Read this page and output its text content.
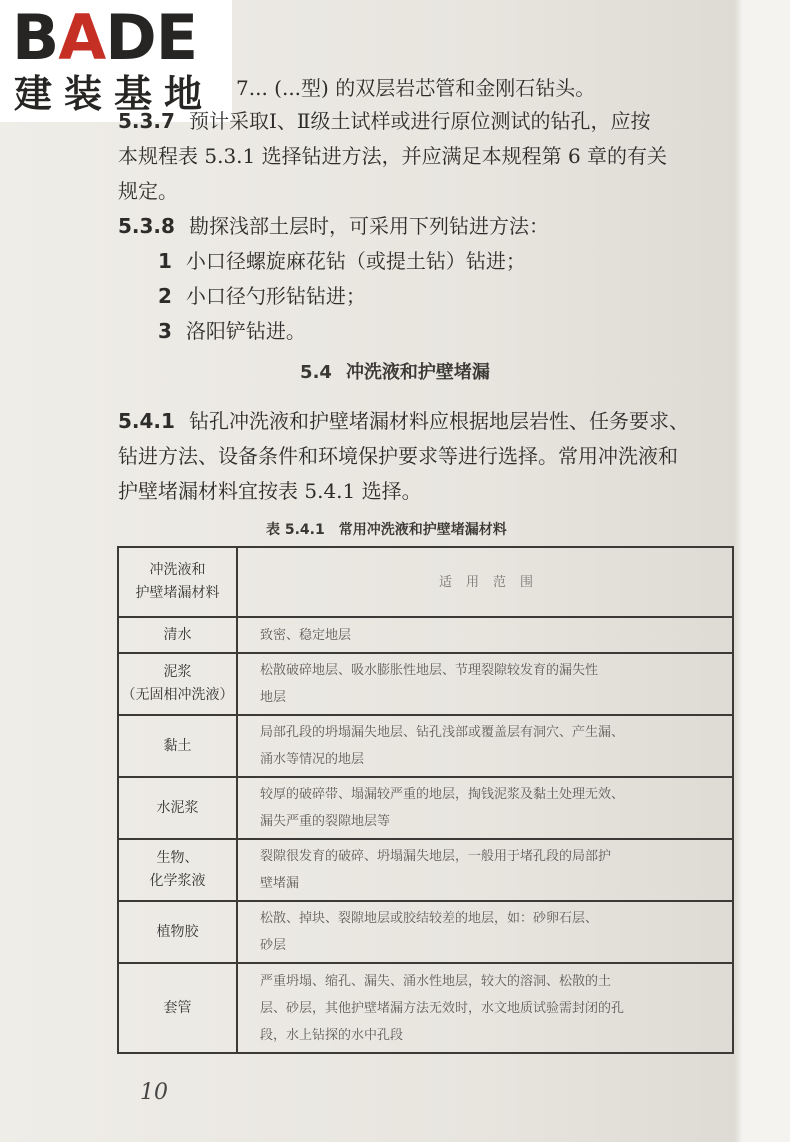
BADE
建装基地 7... (...型) 的双层岩芯管和金刚石钻头。
5.3.7 预计采取Ⅰ、Ⅱ级土试样或进行原位测试的钻孔，应按
本规程表 5.3.1 选择钻进方法，并应满足本规程第 6 章的有关
规定。
5.3.8 勘探浅部土层时，可采用下列钻进方法：
1 小口径螺旋麻花钻（或提土钻）钻进；
2 小口径勺形钻钻进；
3 洛阳铲钻进。
5.4 冲洗液和护壁堵漏
5.4.1 钻孔冲洗液和护壁堵漏材料应根据地层岩性、任务要求、
钻进方法、设备条件和环境保护要求等进行选择。常用冲洗液和
护壁堵漏材料宜按表 5.4.1 选择。
表 5.4.1 常用冲洗液和护壁堵漏材料
冲洗液和
护壁堵漏材料	适用范围
清水	致密、稳定地层
泥浆
（无固相冲洗液）	松散破碎地层、吸水膨胀性地层、节理裂隙较发育的漏失性
地层
黏土	局部孔段的坍塌漏失地层、钻孔浅部或覆盖层有洞穴、产生漏、
涌水等情况的地层
水泥浆	较厚的破碎带、塌漏较严重的地层，掏钱泥浆及黏土处理无效、
漏失严重的裂隙地层等
生物、
化学浆液	裂隙很发育的破碎、坍塌漏失地层，一般用于堵孔段的局部护
壁堵漏
植物胶	松散、掉块、裂隙地层或胶结较差的地层，如：砂卵石层、
砂层
套管	严重坍塌、缩孔、漏失、涌水性地层，较大的溶洞、松散的土
层、砂层，其他护壁堵漏方法无效时，水文地质试验需封闭的孔
段，水上钻探的水中孔段
10
